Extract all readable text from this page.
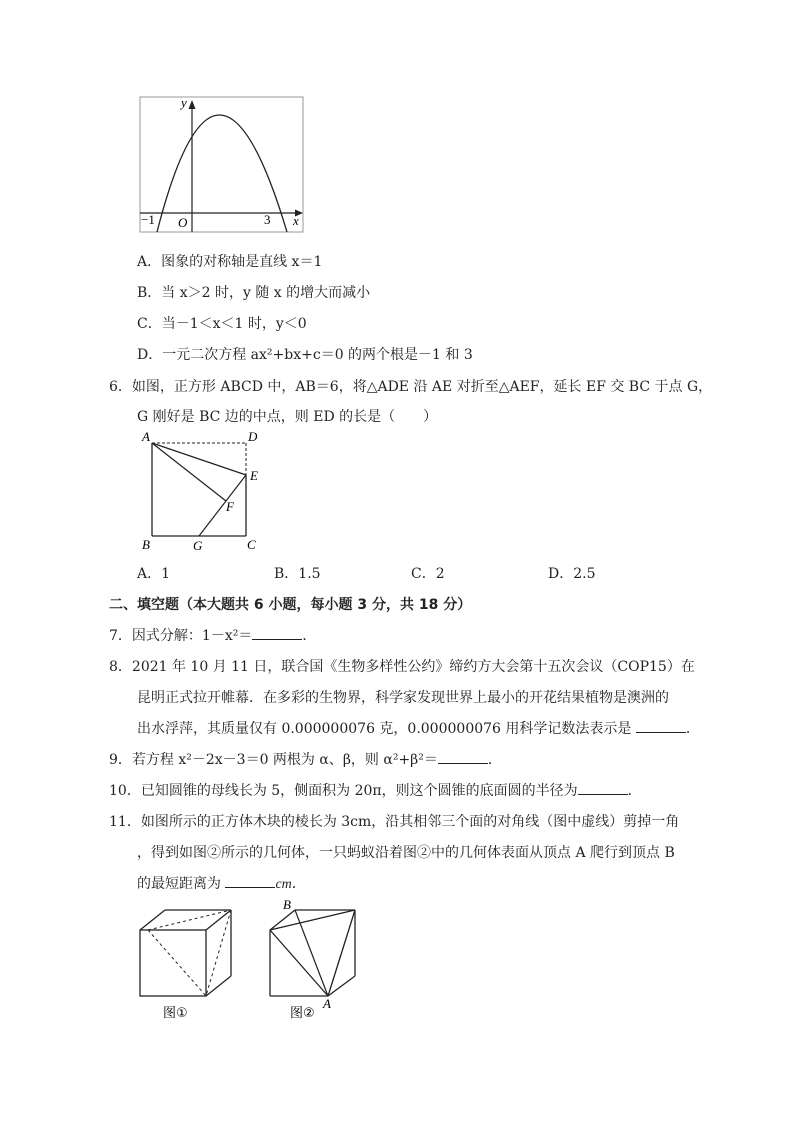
y
x
O
−1	3
A．图象的对称轴是直线 x＝1
B．当 x＞2 时，y 随 x 的增大而减小
C．当－1＜x＜1 时，y＜0
D．一元二次方程 ax²+bx+c＝0 的两个根是－1 和 3
6．如图，正方形 ABCD 中，AB＝6，将△ADE 沿 AE 对折至△AEF，延长 EF 交 BC 于点 G，
G 刚好是 BC 边的中点，则 ED 的长是（　　）
A	D
E
F
B	G	C
A．1	B．1.5	C．2	D．2.5
二、填空题（本大题共 6 小题，每小题 3 分，共 18 分）
7．因式分解：1－x²＝	．
8．2021 年 10 月 11 日，联合国《生物多样性公约》缔约方大会第十五次会议（COP15）在
昆明正式拉开帷幕．在多彩的生物界，科学家发现世界上最小的开花结果植物是澳洲的
出水浮萍，其质量仅有 0.000000076 克，0.000000076 用科学记数法表示是	．
9．若方程 x²－2x－3＝0 两根为 α、β，则 α²+β²＝	．
10．已知圆锥的母线长为 5，侧面积为 20π，则这个圆锥的底面圆的半径为	．
11．如图所示的正方体木块的棱长为 3cm，沿其相邻三个面的对角线（图中虚线）剪掉一角
，得到如图②所示的几何体，一只蚂蚁沿着图②中的几何体表面从顶点 A 爬行到顶点 B
的最短距离为	cm．
图①
B
A
图②
